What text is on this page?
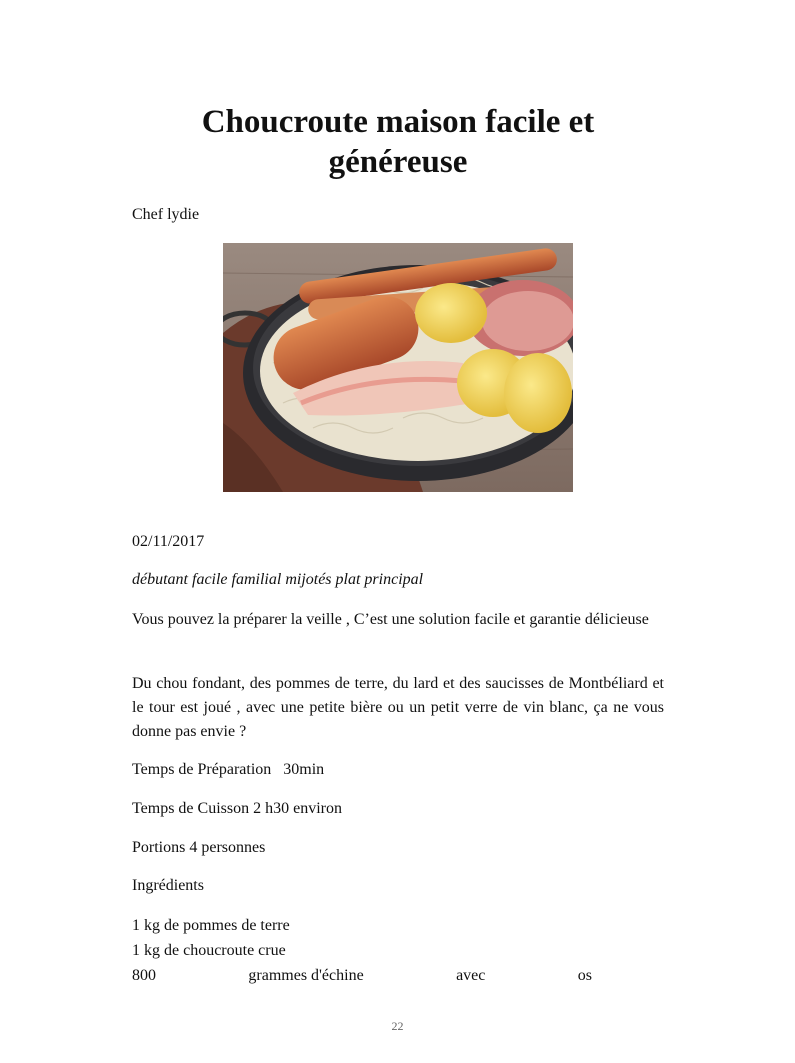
Choucroute maison facile et généreuse
Chef lydie
02/11/2017
débutant facile familial mijotés plat principal

Vous pouvez la préparer la veille , C’est une solution facile et garantie délicieuse

Du chou fondant, des pommes de terre, du lard et des saucisses de Montbéliard et le tour est joué , avec une petite bière ou un petit verre de vin blanc, ça ne vous donne pas envie ?

Temps de Préparation   30min
Temps de Cuisson 2 h30 environ
Portions 4 personnes
Ingrédients
1 kg de pommes de terre
1 kg de choucroute crue
800	grammes d'échine	avec	os
22
